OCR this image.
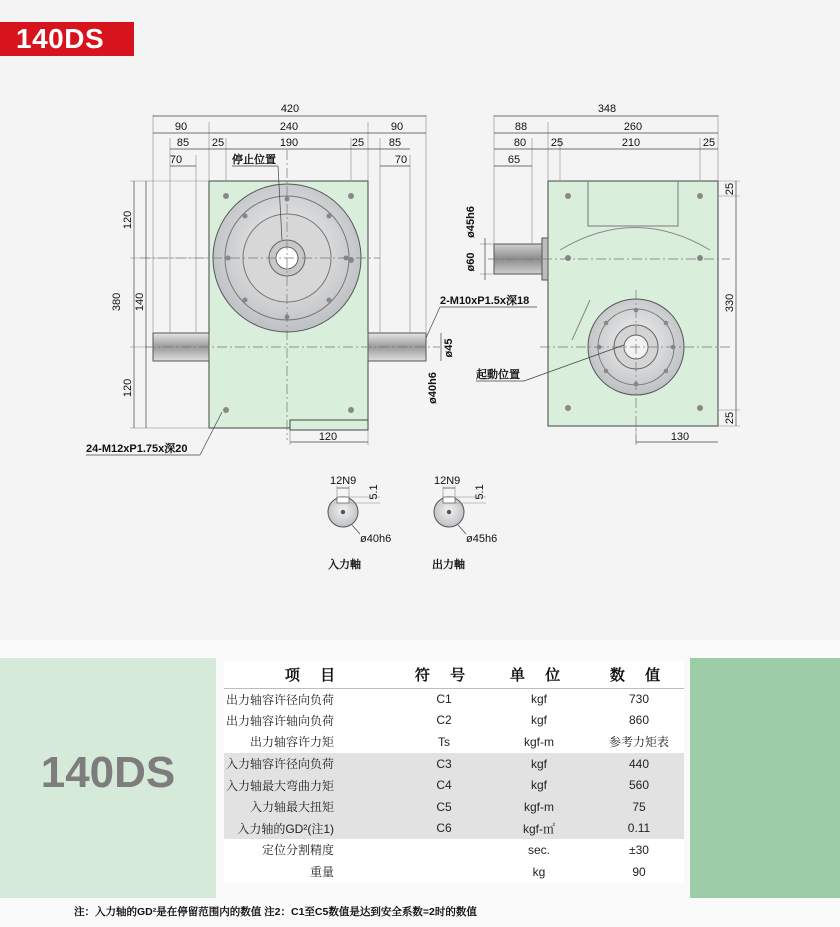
140DS
420
90	240	90
85 25	190	25 85
70	70
120
120
140
120
380
停止位置
2-M10xP1.5x深18
24-M12xP1.75x深20
ø45
ø40h6
348
88	260
80 25	210	25
65
130
25
330
25
ø45h6
ø60
起動位置
12N9
5.1
ø40h6
入力軸
12N9
5.1
ø45h6
出力軸
140DS
项 目	符 号	单 位	数 值
出力轴容许径向负荷	C1	kgf	730
出力轴容许轴向负荷	C2	kgf	860
出力轴容许力矩	Ts	kgf-m	参考力矩表
入力轴容许径向负荷	C3	kgf	440
入力轴最大弯曲力矩	C4	kgf	560
入力轴最大扭矩	C5	kgf-m	75
入力轴的GD²(注1)	C6	kgf-㎡	0.11
定位分割精度		sec.	±30
重量		kg	90
注：入力轴的GD²是在停留范围内的数值 注2：C1至C5数值是达到安全系数=2时的数值
